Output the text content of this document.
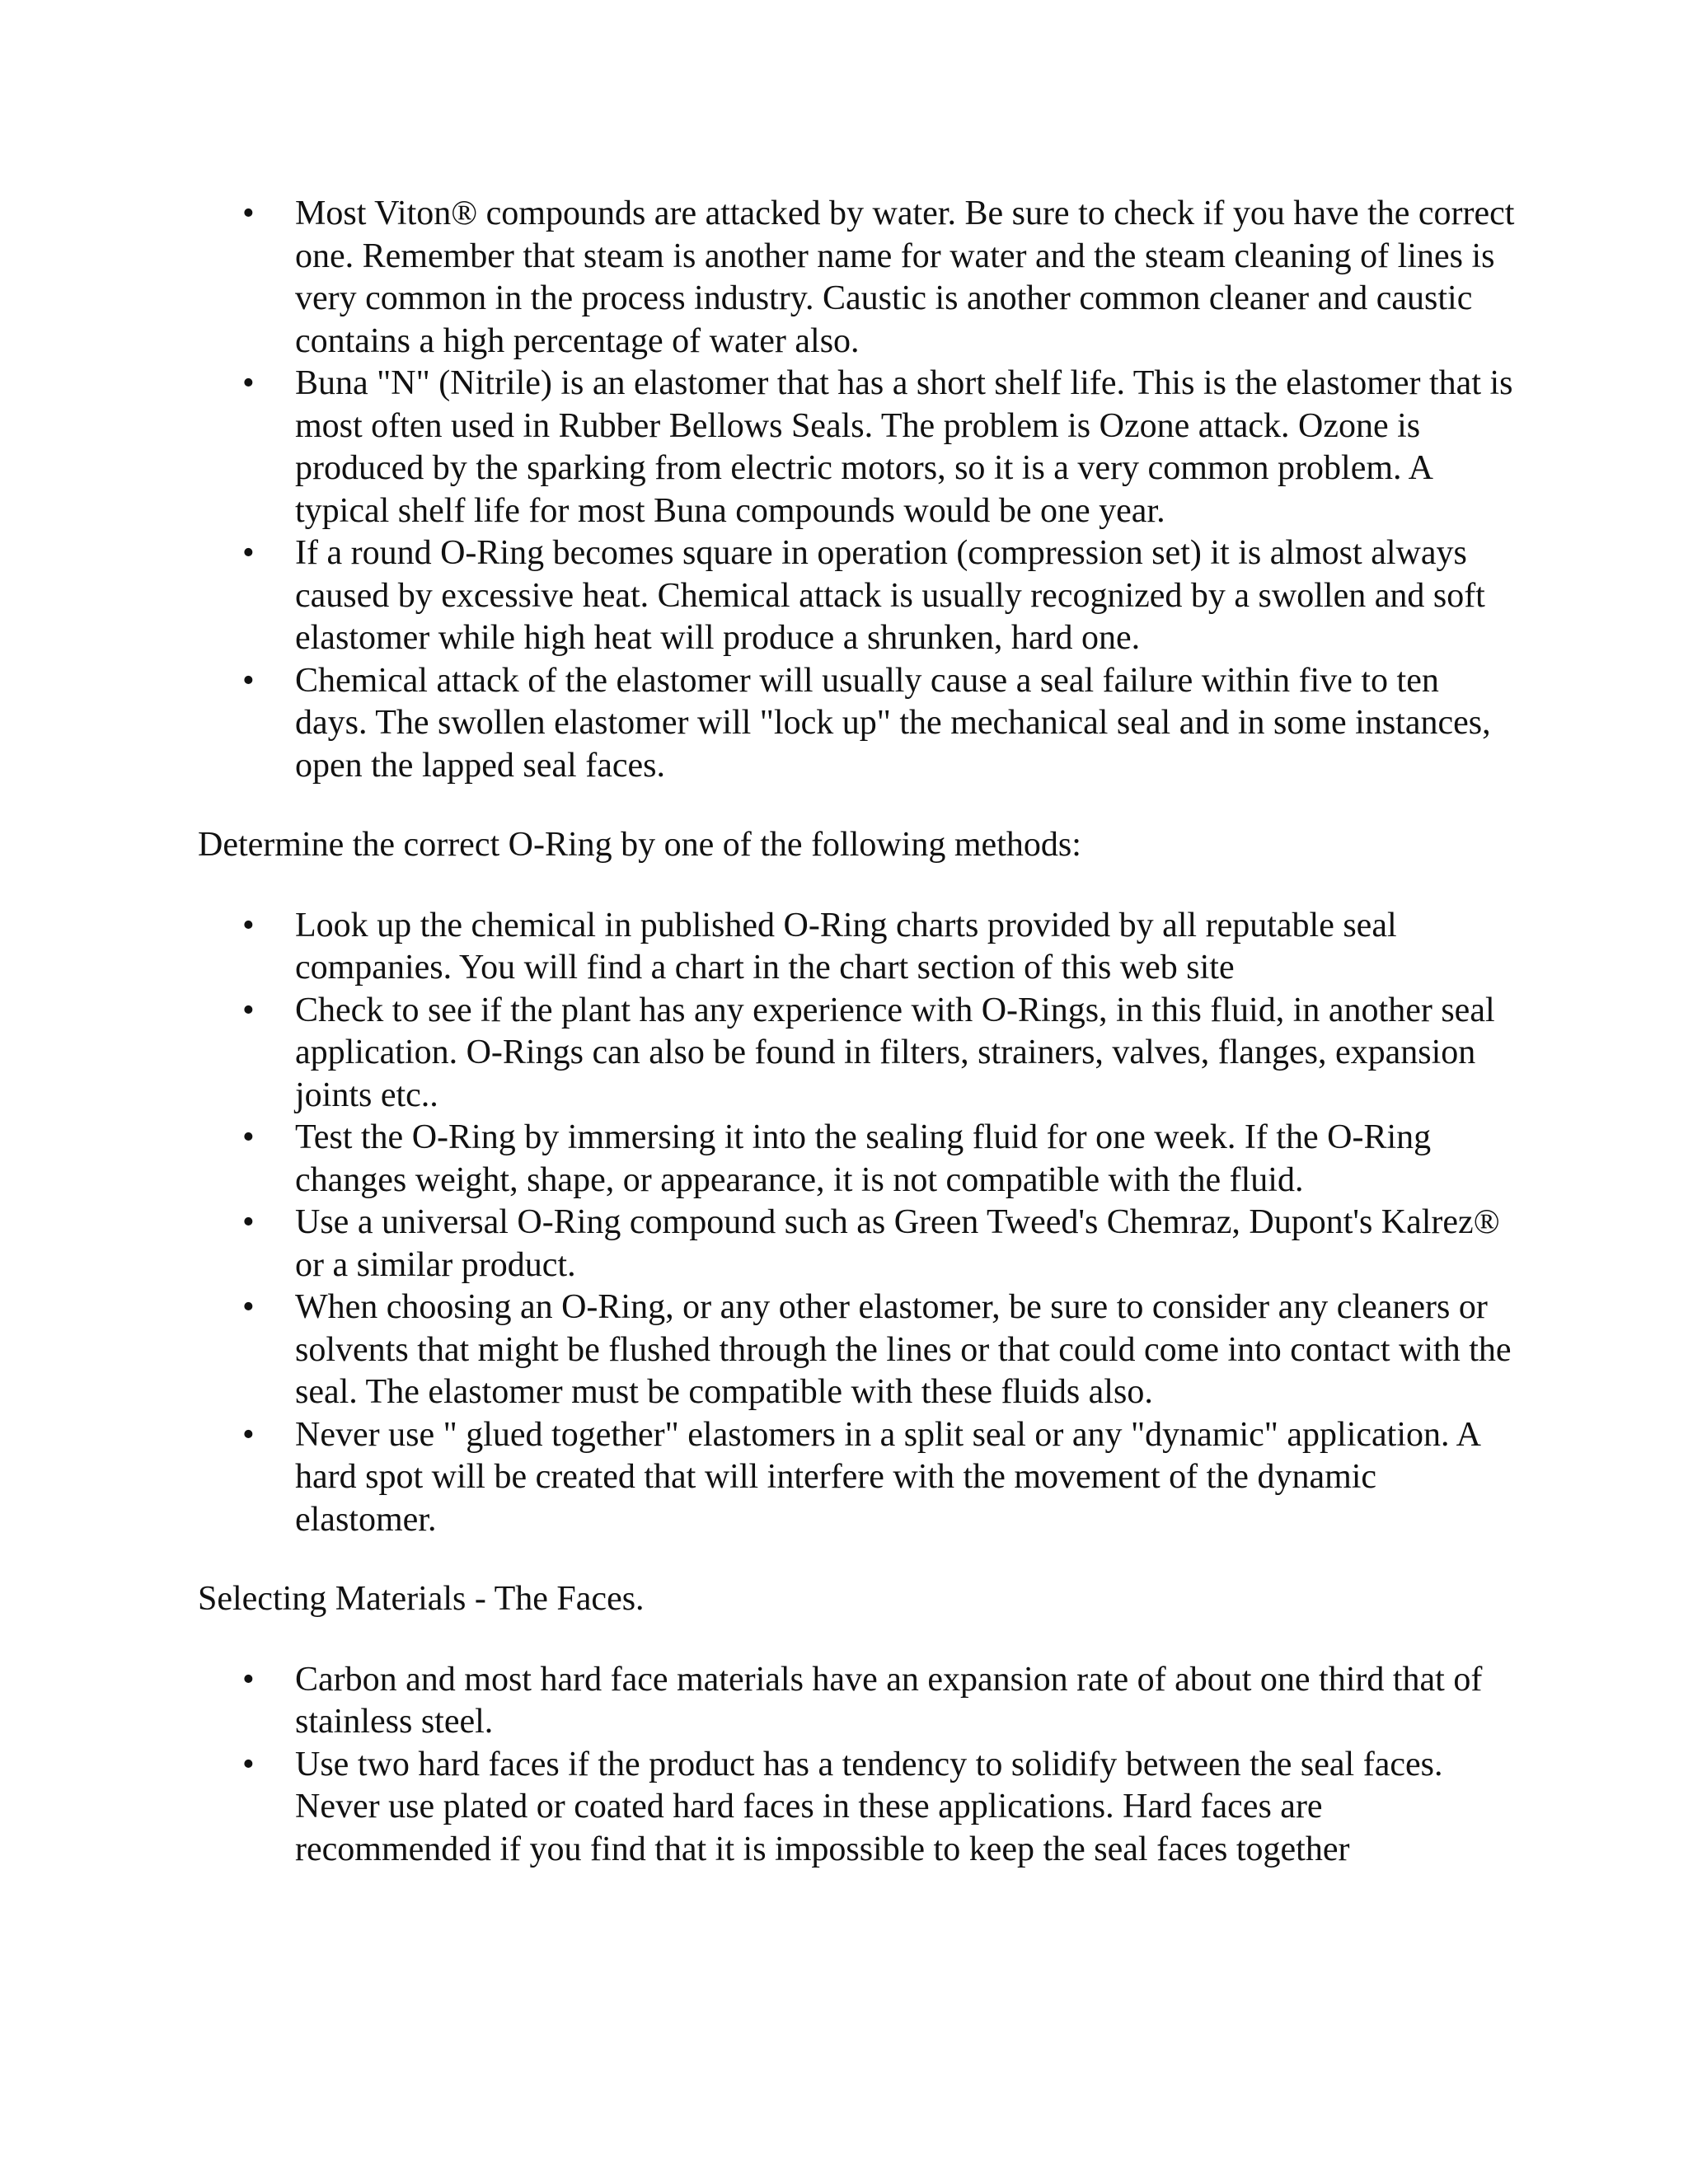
•	Most Viton® compounds are attacked by water. Be sure to check if you have the correct one. Remember that steam is another name for water and the steam cleaning of lines is very common in the process industry. Caustic is another common cleaner and caustic contains a high percentage of water also.
•	Buna "N" (Nitrile) is an elastomer that has a short shelf life. This is the elastomer that is most often used in Rubber Bellows Seals. The problem is Ozone attack. Ozone is produced by the sparking from electric motors, so it is a very common problem. A typical shelf life for most Buna compounds would be one year.
•	If a round O-Ring becomes square in operation (compression set) it is almost always caused by excessive heat. Chemical attack is usually recognized by a swollen and soft elastomer while high heat will produce a shrunken, hard one.
•	Chemical attack of the elastomer will usually cause a seal failure within five to ten days. The swollen elastomer will "lock up" the mechanical seal and in some instances, open the lapped seal faces.

Determine the correct O-Ring by one of the following methods:

•	Look up the chemical in published O-Ring charts provided by all reputable seal companies. You will find a chart in the chart section of this web site
•	Check to see if the plant has any experience with O-Rings, in this fluid, in another seal application. O-Rings can also be found in filters, strainers, valves, flanges, expansion joints etc..
•	Test the O-Ring by immersing it into the sealing fluid for one week. If the O-Ring changes weight, shape, or appearance, it is not compatible with the fluid.
•	Use a universal O-Ring compound such as Green Tweed's Chemraz, Dupont's Kalrez® or a similar product.
•	When choosing an O-Ring, or any other elastomer, be sure to consider any cleaners or solvents that might be flushed through the lines or that could come into contact with the seal. The elastomer must be compatible with these fluids also.
•	Never use " glued together" elastomers in a split seal or any "dynamic" application. A hard spot will be created that will interfere with the movement of the dynamic elastomer.

Selecting Materials - The Faces.

•	Carbon and most hard face materials have an expansion rate of about one third that of stainless steel.
•	Use two hard faces if the product has a tendency to solidify between the seal faces. Never use plated or coated hard faces in these applications. Hard faces are recommended if you find that it is impossible to keep the seal faces together
